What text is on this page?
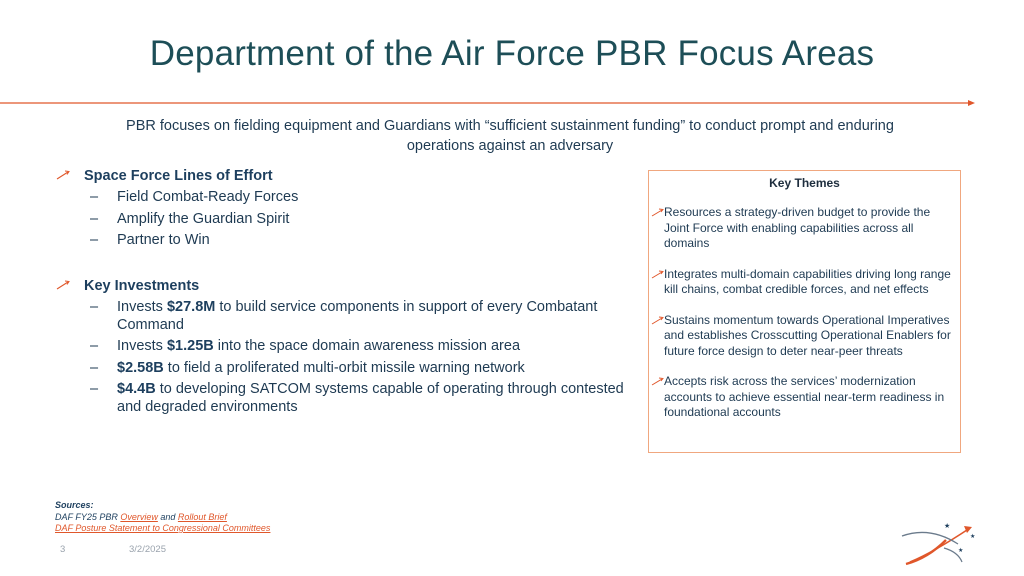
Department of the Air Force PBR Focus Areas
PBR focuses on fielding equipment and Guardians with “sufficient sustainment funding” to conduct prompt and enduring operations against an adversary
Space Force Lines of Effort
– Field Combat-Ready Forces
– Amplify the Guardian Spirit
– Partner to Win
Key Investments
– Invests $27.8M to build service components in support of every Combatant Command
– Invests $1.25B into the space domain awareness mission area
– $2.58B to field a proliferated multi-orbit missile warning network
– $4.4B to developing SATCOM systems capable of operating through contested and degraded environments
Key Themes
Resources a strategy-driven budget to provide the Joint Force with enabling capabilities across all domains
Integrates multi-domain capabilities driving long range kill chains, combat credible forces, and net effects
Sustains momentum towards Operational Imperatives and establishes Crosscutting Operational Enablers for future force design to deter near-peer threats
Accepts risk across the services’ modernization accounts to achieve essential near-term readiness in foundational accounts
Sources:
DAF FY25 PBR Overview and Rollout Brief
DAF Posture Statement to Congressional Committees
3	3/2/2025
★
★
★
